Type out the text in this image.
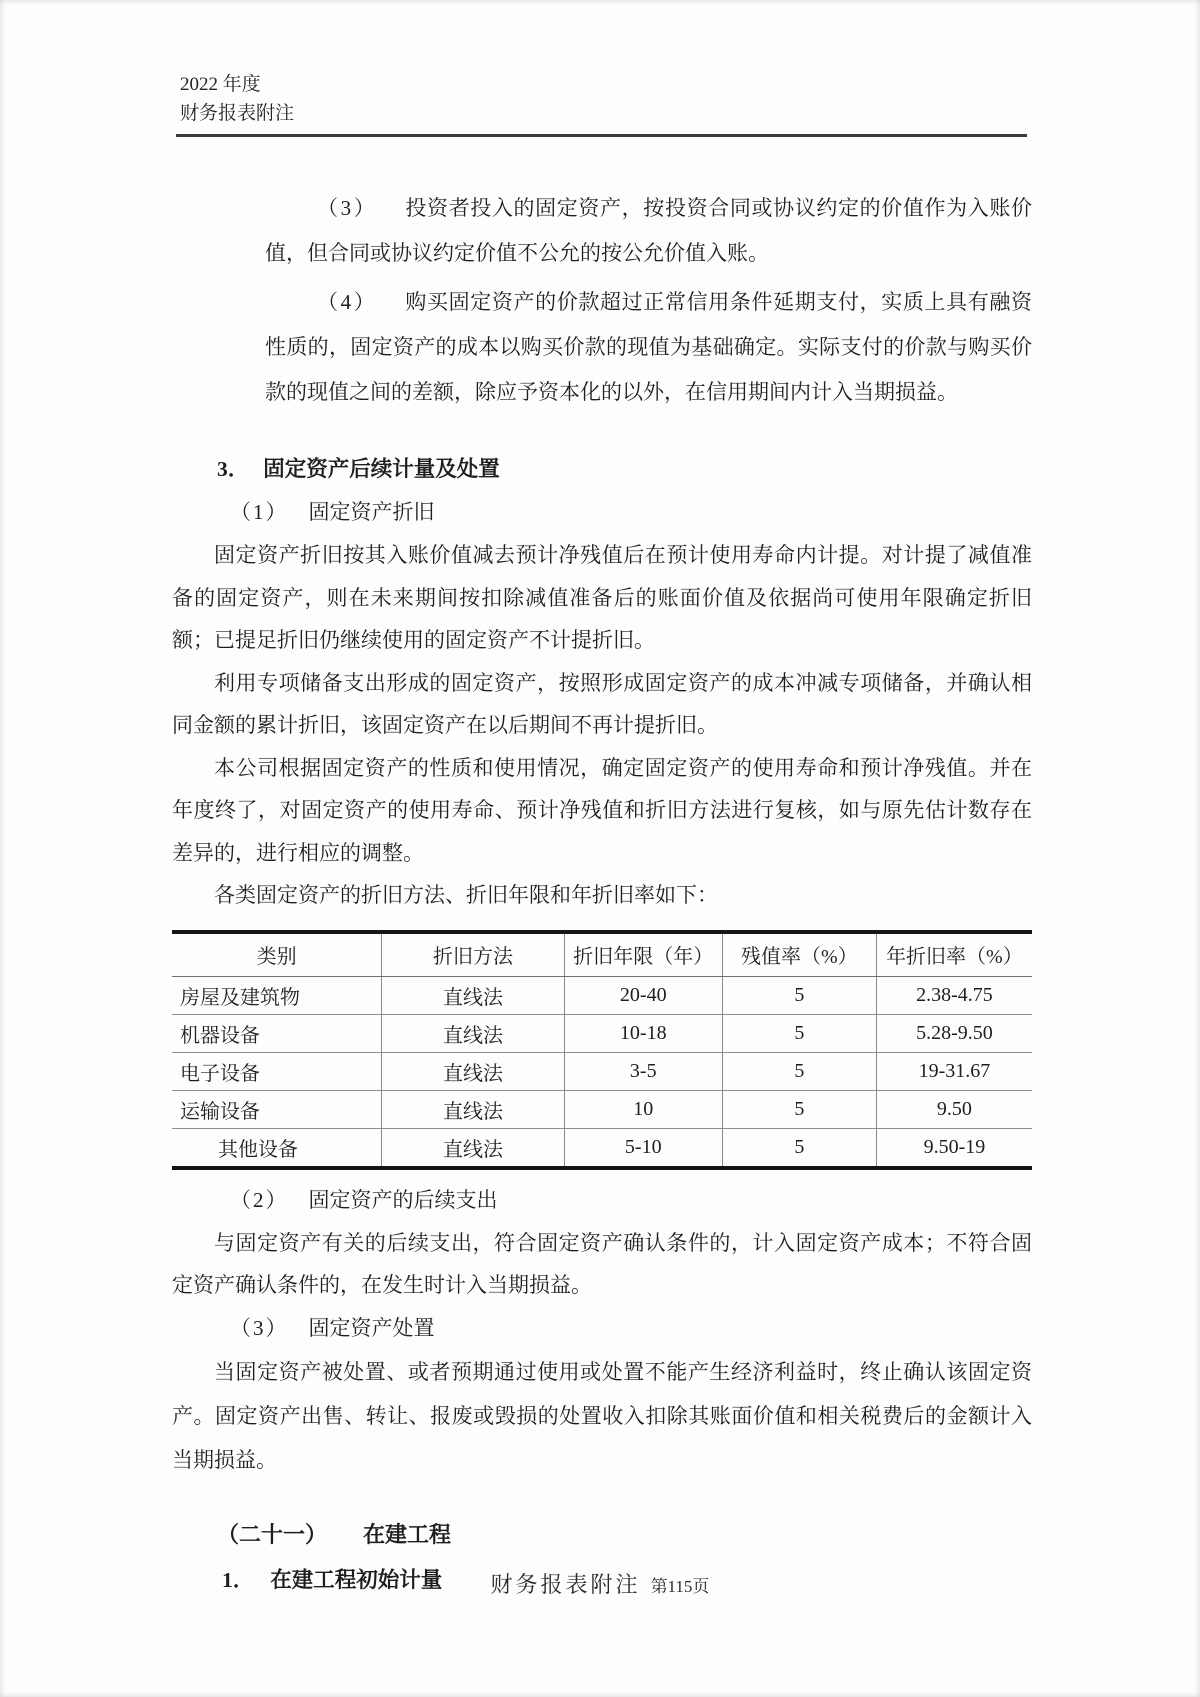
2022 年度
财务报表附注

（3） 投资者投入的固定资产，按投资合同或协议约定的价值作为入账价值，但合同或协议约定价值不公允的按公允价值入账。

（4） 购买固定资产的价款超过正常信用条件延期支付，实质上具有融资性质的，固定资产的成本以购买价款的现值为基础确定。实际支付的价款与购买价款的现值之间的差额，除应予资本化的以外，在信用期间内计入当期损益。

3． 固定资产后续计量及处置

（1） 固定资产折旧

固定资产折旧按其入账价值减去预计净残值后在预计使用寿命内计提。对计提了减值准备的固定资产，则在未来期间按扣除减值准备后的账面价值及依据尚可使用年限确定折旧额；已提足折旧仍继续使用的固定资产不计提折旧。

利用专项储备支出形成的固定资产，按照形成固定资产的成本冲减专项储备，并确认相同金额的累计折旧，该固定资产在以后期间不再计提折旧。

本公司根据固定资产的性质和使用情况，确定固定资产的使用寿命和预计净残值。并在年度终了，对固定资产的使用寿命、预计净残值和折旧方法进行复核，如与原先估计数存在差异的，进行相应的调整。

各类固定资产的折旧方法、折旧年限和年折旧率如下：

类别	折旧方法	折旧年限（年）	残值率（%）	年折旧率（%）
房屋及建筑物	直线法	20-40	5	2.38-4.75
机器设备	直线法	10-18	5	5.28-9.50
电子设备	直线法	3-5	5	19-31.67
运输设备	直线法	10	5	9.50
其他设备	直线法	5-10	5	9.50-19

（2） 固定资产的后续支出

与固定资产有关的后续支出，符合固定资产确认条件的，计入固定资产成本；不符合固定资产确认条件的，在发生时计入当期损益。

（3） 固定资产处置

当固定资产被处置、或者预期通过使用或处置不能产生经济利益时，终止确认该固定资产。固定资产出售、转让、报废或毁损的处置收入扣除其账面价值和相关税费后的金额计入当期损益。

（二十一） 在建工程

1． 在建工程初始计量	财务报表附注 第115页
